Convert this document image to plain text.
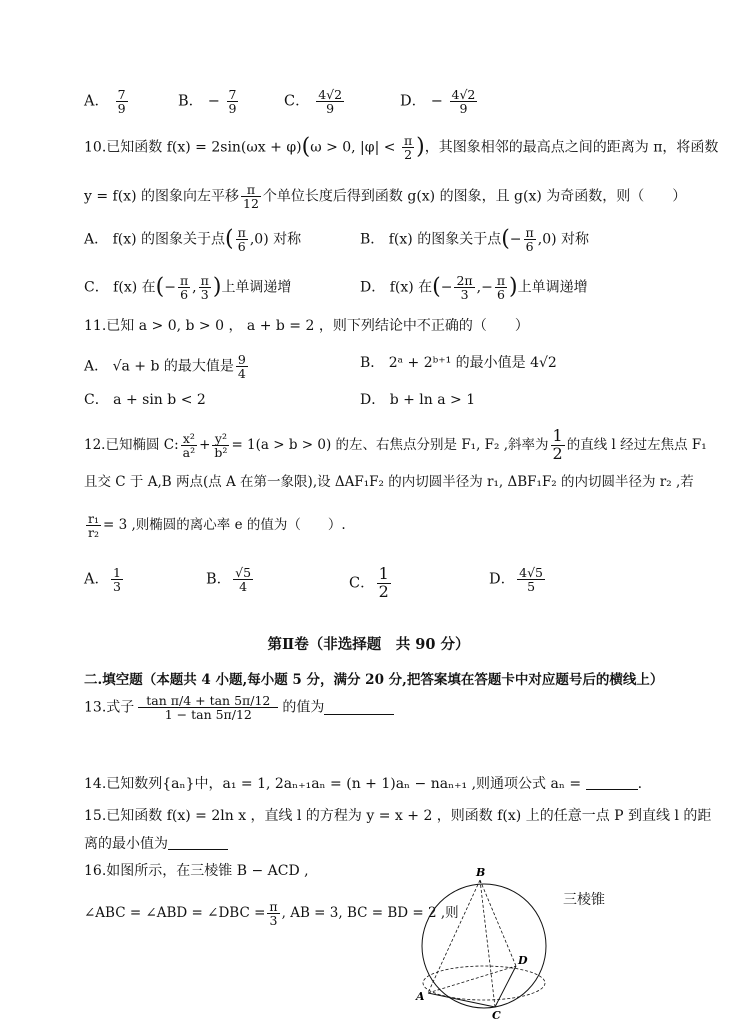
A． $\frac{7}{9}$	B． − $\frac{7}{9}$	C． $\frac{4√2}{9}$	D． − $\frac{4√2}{9}$
10.已知函数 f(x) = 2sin(ωx + φ)(ω > 0, $|\varphi| < \frac{\pi}{2}$ )，其图象相邻的最高点之间的距离为 π，将函数
y = f(x) 的图象向左平移 $\frac{\pi}{12}$ 个单位长度后得到函数 g(x) 的图象，且 g(x) 为奇函数，则（　　）
A． f(x) 的图象关于点( $\frac{\pi}{6} ,0$) 对称	B． f(x) 的图象关于点(− $\frac{\pi}{6} ,0$) 对称
C． f(x) 在(− $\frac{\pi}{6}$ , $\frac{\pi}{3}$ )上单调递增	D． f(x) 在(− $\frac{2\pi}{3}$ ,− $\frac{\pi}{6}$ )上单调递增
11.已知 a > 0, b > 0 ， a + b = 2 ，则下列结论中不正确的（　　）
A． √a + b 的最大值是 $\frac{9}{4}$	B． 2ᵃ + 2ᵇ⁺¹ 的最小值是 4√2
C． a + sin b < 2	D． b + ln a > 1
12.已知椭圆 C: $\frac{\text{x²}}{\text{a²}} + \frac{\text{y²}}{\text{b²}} = 1(a > b > 0)$ 的左、右焦点分别是 F₁, F₂ ,斜率为 $\frac{1}{2}$ 的直线 l 经过左焦点 F₁
且交 C 于 A,B 两点(点 A 在第一象限),设 ΔAF₁F₂ 的内切圆半径为 r₁, ΔBF₁F₂ 的内切圆半径为 r₂ ,若
$\frac{\text{r₁}}{\text{r₂}} = 3$ ,则椭圆的离心率 e 的值为（　　）.
A． $\frac{1}{3}$	B． $\frac{√5}{4}$	C． $\frac{1}{2}$	D． $\frac{4√5}{5}$
第Ⅱ卷（非选择题　共 90 分）
二.填空题（本题共 4 小题,每小题 5 分，满分 20 分,把答案填在答题卡中对应题号后的横线上）
13.式子 $\frac{\text{tan π/4 + tan 5π/12}}{1 - \tan 5\pi/12}$ 的值为
14.已知数列{aₙ}中，a₁ = 1, 2aₙ₊₁aₙ = (n + 1)aₙ − naₙ₊₁ ,则通项公式 aₙ =	.
15.已知函数 f(x) = 2ln x ，直线 l 的方程为 y = x + 2 ，则函数 f(x) 上的任意一点 P 到直线 l 的距
离的最小值为
16.如图所示，在三棱锥 B − ACD ,
∠ABC = ∠ABD = ∠DBC = $\frac{\pi}{3}$ , AB = 3, BC = BD = 2 ,则
三棱锥
B
A
C
D
